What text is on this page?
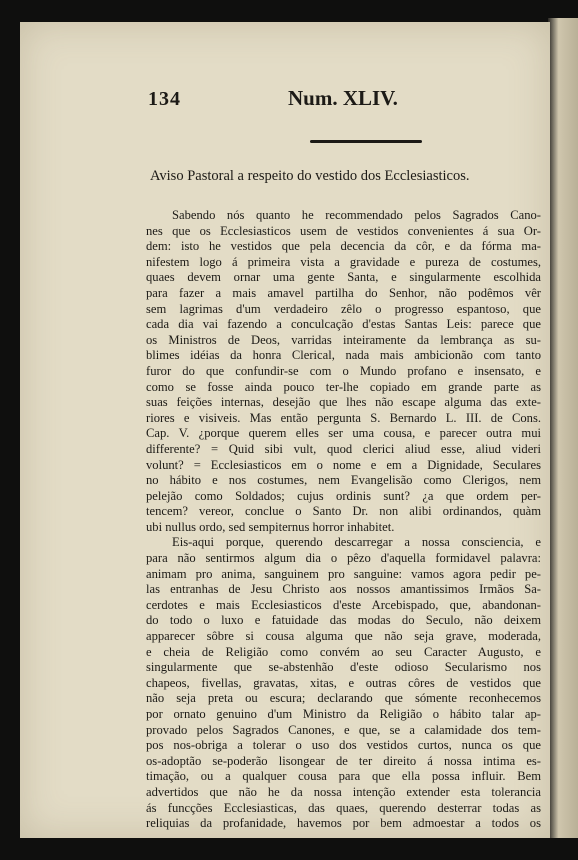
134	Num. XLIV.
Aviso Pastoral a respeito do vestido dos Ecclesiasticos.
Sabendo nós quanto he recommendado pelos Sagrados Cano-
nes que os Ecclesiasticos usem de vestidos convenientes á sua Or-
dem: isto he vestidos que pela decencia da côr, e da fórma ma-
nifestem logo á primeira vista a gravidade e pureza de costumes,
quaes devem ornar uma gente Santa, e singularmente escolhida
para fazer a mais amavel partilha do Senhor, não podêmos vêr
sem lagrimas d'um verdadeiro zêlo o progresso espantoso, que
cada dia vai fazendo a conculcação d'estas Santas Leis: parece que
os Ministros de Deos, varridas inteiramente da lembrança as su-
blimes idéias da honra Clerical, nada mais ambicionão com tanto
furor do que confundir-se com o Mundo profano e insensato, e
como se fosse ainda pouco ter-lhe copiado em grande parte as
suas feições internas, desejão que lhes não escape alguma das exte-
riores e visiveis. Mas então pergunta S. Bernardo L. III. de Cons.
Cap. V. ¿porque querem elles ser uma cousa, e parecer outra mui
differente? = Quid sibi vult, quod clerici aliud esse, aliud videri
volunt? = Ecclesiasticos em o nome e em a Dignidade, Seculares
no hábito e nos costumes, nem Evangelisão como Clerigos, nem
pelejão como Soldados; cujus ordinis sunt? ¿a que ordem per-
tencem? vereor, conclue o Santo Dr. non alibi ordinandos, quàm
ubi nullus ordo, sed sempiternus horror inhabitet.
Eis-aqui porque, querendo descarregar a nossa consciencia, e
para não sentirmos algum dia o pêzo d'aquella formidavel palavra:
animam pro anima, sanguinem pro sanguine: vamos agora pedir pe-
las entranhas de Jesu Christo aos nossos amantissimos Irmãos Sa-
cerdotes e mais Ecclesiasticos d'este Arcebispado, que, abandonan-
do todo o luxo e fatuidade das modas do Seculo, não deixem
apparecer sôbre si cousa alguma que não seja grave, moderada,
e cheia de Religião como convém ao seu Caracter Augusto, e
singularmente que se-abstenhão d'este odioso Secularismo nos
chapeos, fivellas, gravatas, xitas, e outras côres de vestidos que
não seja preta ou escura; declarando que sómente reconhecemos
por ornato genuino d'um Ministro da Religião o hábito talar ap-
provado pelos Sagrados Canones, e que, se a calamidade dos tem-
pos nos-obriga a tolerar o uso dos vestidos curtos, nunca os que
os-adoptão se-poderão lisongear de ter direito á nossa intima es-
timação, ou a qualquer cousa para que ella possa influir. Bem
advertidos que não he da nossa intenção extender esta tolerancia
ás funcções Ecclesiasticas, das quaes, querendo desterrar todas as
reliquias da profanidade, havemos por bem admoestar a todos os
